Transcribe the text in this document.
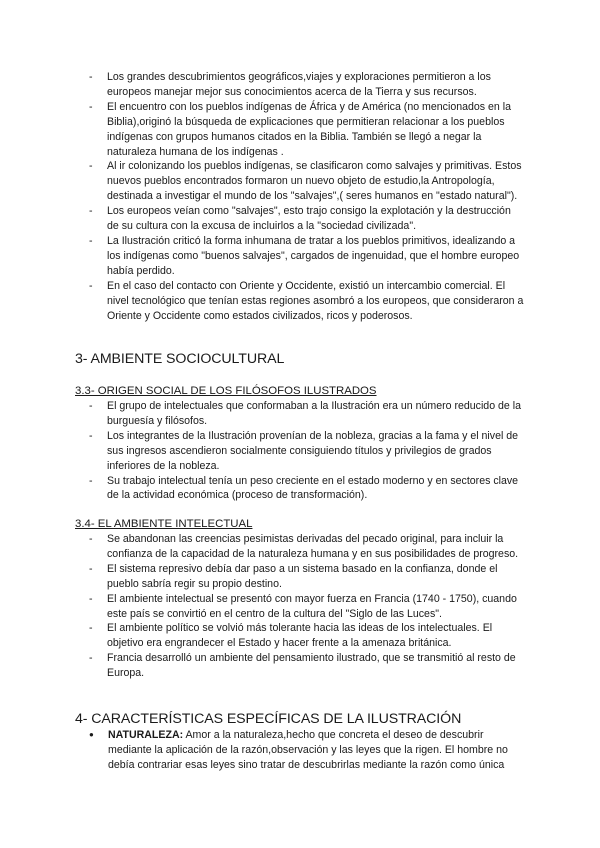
- Los grandes descubrimientos geográficos,viajes y exploraciones permitieron a los europeos manejar mejor sus conocimientos acerca de la Tierra y sus recursos.
- El encuentro con los pueblos indígenas de África y de América (no mencionados en la Biblia),originó la búsqueda de explicaciones que permitieran relacionar a los pueblos indígenas con grupos humanos citados en la Biblia. También se llegó a negar la naturaleza humana de los indígenas .
- Al ir colonizando los pueblos indígenas, se clasificaron como salvajes y primitivas. Estos nuevos pueblos encontrados formaron un nuevo objeto de estudio,la Antropología, destinada a investigar el mundo de los "salvajes",( seres humanos en "estado natural").
- Los europeos veían como "salvajes", esto trajo consigo la explotación y la destrucción de su cultura con la excusa de incluirlos a la "sociedad civilizada".
- La Ilustración criticó la forma inhumana de tratar a los pueblos primitivos, idealizando a los indígenas como "buenos salvajes", cargados de ingenuidad, que el hombre europeo había perdido.
- En el caso del contacto con Oriente y Occidente, existió un intercambio comercial. El nivel tecnológico que tenían estas regiones asombró a los europeos, que consideraron a Oriente y Occidente como estados civilizados, ricos y poderosos.
3- AMBIENTE SOCIOCULTURAL
3.3- ORIGEN SOCIAL DE LOS FILÓSOFOS ILUSTRADOS
- El grupo de intelectuales que conformaban a la Ilustración era un número reducido de la burguesía y filósofos.
- Los integrantes de la Ilustración provenían de la nobleza, gracias a la fama y el nivel de sus ingresos ascendieron socialmente consiguiendo títulos y privilegios de grados inferiores de la nobleza.
- Su trabajo intelectual tenía un peso creciente en el estado moderno y en sectores clave de la actividad económica (proceso de transformación).
3.4- EL AMBIENTE INTELECTUAL
- Se abandonan las creencias pesimistas derivadas del pecado original, para incluir la confianza de la capacidad de la naturaleza humana y en sus posibilidades de progreso.
- El sistema represivo debía dar paso a un sistema basado en la confianza, donde el pueblo sabría regir su propio destino.
- El ambiente intelectual se presentó con mayor fuerza en Francia (1740 - 1750), cuando este país se convirtió en el centro de la cultura del "Siglo de las Luces".
- El ambiente político se volvió más tolerante hacia las ideas de los intelectuales. El objetivo era engrandecer el Estado y hacer frente a la amenaza británica.
- Francia desarrolló un ambiente del pensamiento ilustrado, que se transmitió al resto de Europa.
4- CARACTERÍSTICAS ESPECÍFICAS DE LA ILUSTRACIÓN
● NATURALEZA: Amor a la naturaleza,hecho que concreta el deseo de descubrir mediante la aplicación de la razón,observación y las leyes que la rigen. El hombre no debía contrariar esas leyes sino tratar de descubrirlas mediante la razón como única
